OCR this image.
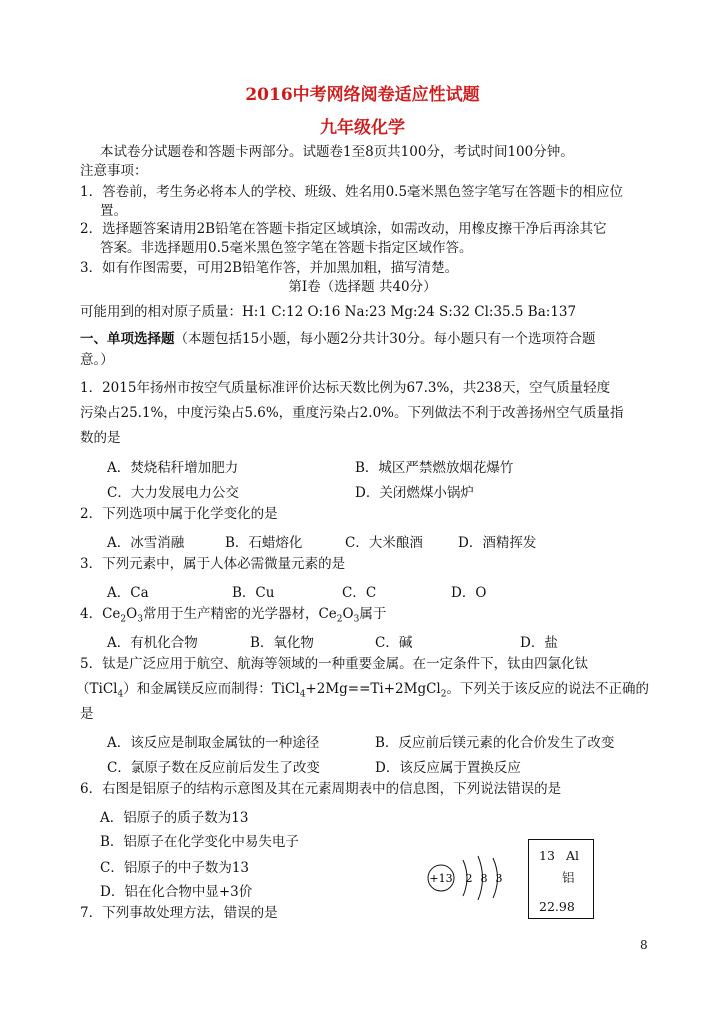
2016中考网络阅卷适应性试题
九年级化学
本试卷分试题卷和答题卡两部分。试题卷1至8页共100分，考试时间100分钟。
注意事项：
1．答卷前，考生务必将本人的学校、班级、姓名用0.5毫米黑色签字笔写在答题卡的相应位
置。
2．选择题答案请用2B铅笔在答题卡指定区域填涂，如需改动，用橡皮擦干净后再涂其它
答案。非选择题用0.5毫米黑色签字笔在答题卡指定区域作答。
3．如有作图需要，可用2B铅笔作答，并加黑加粗，描写清楚。
第Ⅰ卷（选择题 共40分）
可能用到的相对原子质量：H:1 C:12 O:16 Na:23 Mg:24 S:32 Cl:35.5 Ba:137
一、单项选择题（本题包括15小题，每小题2分共计30分。每小题只有一个选项符合题
意。）
1．2015年扬州市按空气质量标准评价达标天数比例为67.3%，共238天，空气质量轻度
污染占25.1%，中度污染占5.6%，重度污染占2.0%。下列做法不利于改善扬州空气质量指
数的是
A．焚烧秸秆增加肥力	B．城区严禁燃放烟花爆竹
C．大力发展电力公交	D．关闭燃煤小锅炉
2．下列选项中属于化学变化的是
A．冰雪消融	B．石蜡熔化	C．大米酿酒	D．酒精挥发
3．下列元素中，属于人体必需微量元素的是
A．Ca	B．Cu	C．C	D．O
4．$Ce_2O_3$常用于生产精密的光学器材，$Ce_2O_3$属于
A．有机化合物	B．氧化物	C．碱	D．盐
5．钛是广泛应用于航空、航海等领域的一种重要金属。在一定条件下，钛由四氯化钛
（TiCl$_4$）和金属镁反应而制得：TiCl$_4$+2Mg==Ti+2MgCl$_2$。下列关于该反应的说法不正确的
是
A．该反应是制取金属钛的一种途径	B．反应前后镁元素的化合价发生了改变
C．氯原子数在反应前后发生了改变	D．该反应属于置换反应
6．右图是铝原子的结构示意图及其在元素周期表中的信息图，下列说法错误的是
A．铝原子的质子数为13
B．铝原子在化学变化中易失电子
C．铝原子的中子数为13
D．铝在化合物中显+3价
+13 2 8 3
13 Al
铝
22.98
7．下列事故处理方法，错误的是
8
